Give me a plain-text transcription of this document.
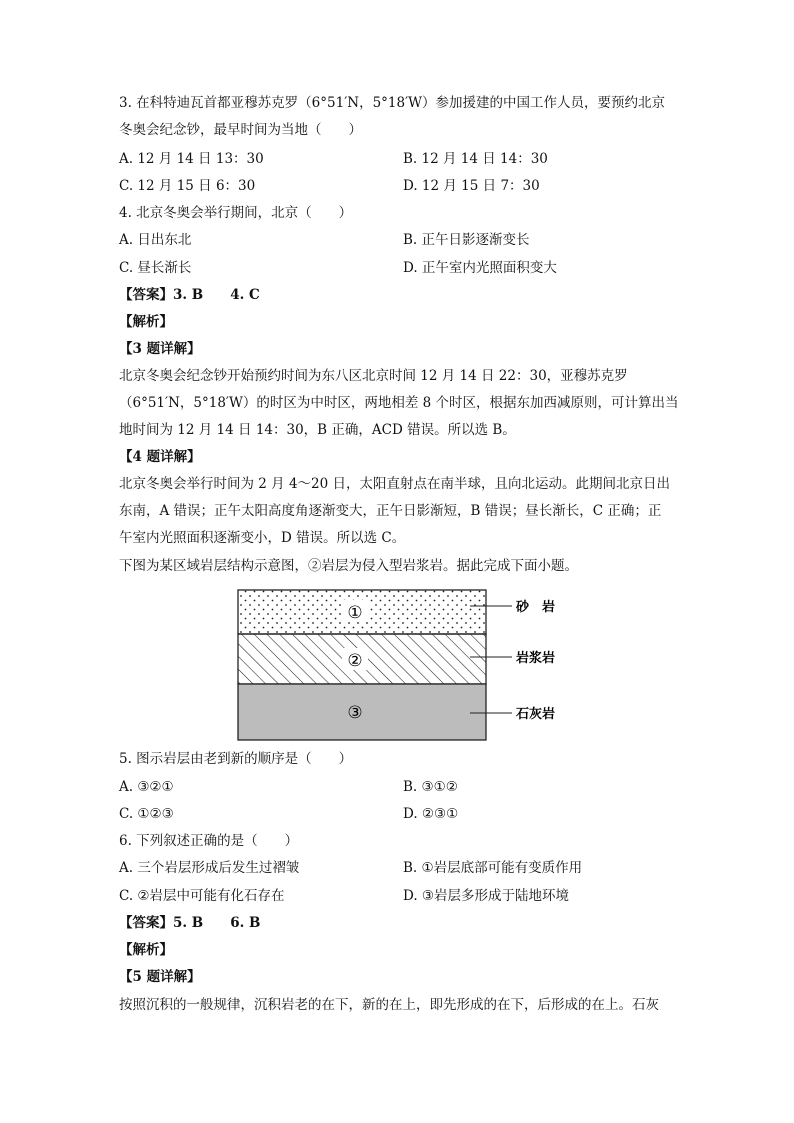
3. 在科特迪瓦首都亚穆苏克罗（6°51′N，5°18′W）参加援建的中国工作人员，要预约北京
冬奥会纪念钞，最早时间为当地（　　）
A. 12 月 14 日 13：30	B. 12 月 14 日 14：30
C. 12 月 15 日 6：30	D. 12 月 15 日 7：30
4. 北京冬奥会举行期间，北京（　　）
A. 日出东北	B. 正午日影逐渐变长
C. 昼长渐长	D. 正午室内光照面积变大
【答案】3. B　　4. C
【解析】
【3 题详解】
北京冬奥会纪念钞开始预约时间为东八区北京时间 12 月 14 日 22：30，亚穆苏克罗
（6°51′N，5°18′W）的时区为中时区，两地相差 8 个时区，根据东加西减原则，可计算出当
地时间为 12 月 14 日 14：30，B 正确，ACD 错误。所以选 B。
【4 题详解】
北京冬奥会举行时间为 2 月 4～20 日，太阳直射点在南半球，且向北运动。此期间北京日出
东南，A 错误；正午太阳高度角逐渐变大，正午日影渐短，B 错误；昼长渐长，C 正确；正
午室内光照面积逐渐变小，D 错误。所以选 C。
下图为某区域岩层结构示意图，②岩层为侵入型岩浆岩。据此完成下面小题。
①
②
③
砂　岩
岩浆岩
石灰岩
5. 图示岩层由老到新的顺序是（　　）
A. ③②①	B. ③①②
C. ①②③	D. ②③①
6. 下列叙述正确的是（　　）
A. 三个岩层形成后发生过褶皱	B. ①岩层底部可能有变质作用
C. ②岩层中可能有化石存在	D. ③岩层多形成于陆地环境
【答案】5. B　　6. B
【解析】
【5 题详解】
按照沉积的一般规律，沉积岩老的在下，新的在上，即先形成的在下，后形成的在上。石灰
